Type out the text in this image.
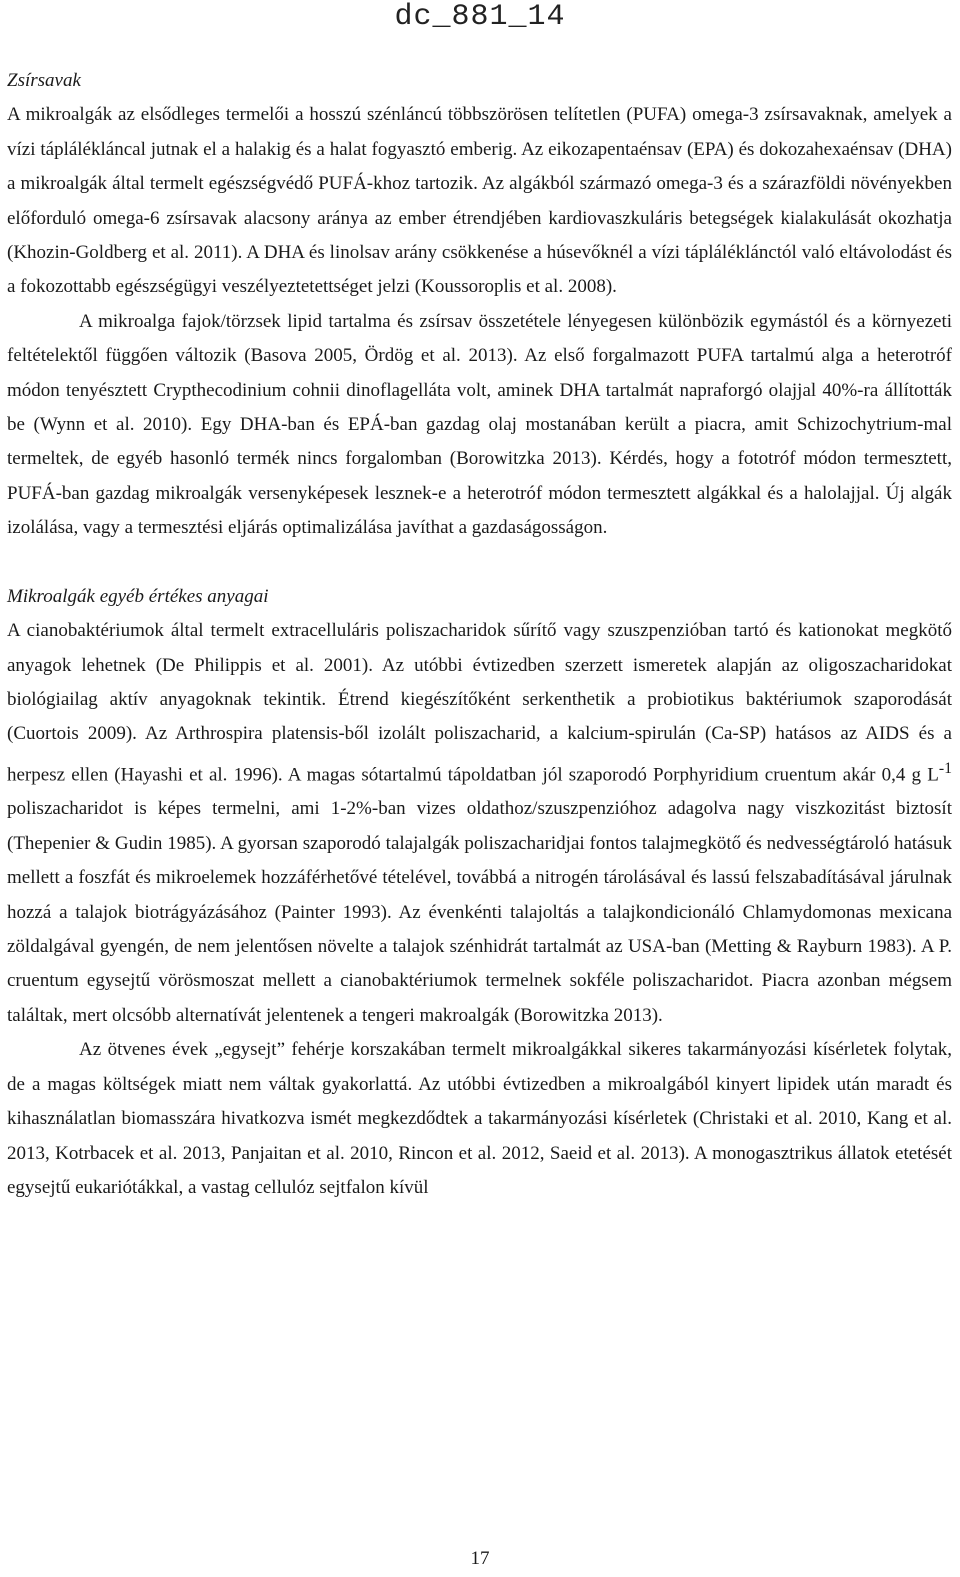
dc_881_14

Zsírsavak

A mikroalgák az elsődleges termelői a hosszú szénláncú többszörösen telítetlen (PUFA) omega-3 zsírsavaknak, amelyek a vízi táplálékláncal jutnak el a halakig és a halat fogyasztó emberig. Az eikozapentaénsav (EPA) és dokozahexaénsav (DHA) a mikroalgák által termelt egészségvédő PUFÁ-khoz tartozik. Az algákból származó omega-3 és a szárazföldi növényekben előforduló omega-6 zsírsavak alacsony aránya az ember étrendjében kardiovaszkuláris betegségek kialakulását okozhatja (Khozin-Goldberg et al. 2011). A DHA és linolsav arány csökkenése a húsevőknél a vízi tápláléklánctól való eltávolodást és a fokozottabb egészségügyi veszélyeztetettséget jelzi (Koussoroplis et al. 2008).

A mikroalga fajok/törzsek lipid tartalma és zsírsav összetétele lényegesen különbözik egymástól és a környezeti feltételektől függően változik (Basova 2005, Ördög et al. 2013). Az első forgalmazott PUFA tartalmú alga a heterotróf módon tenyésztett Crypthecodinium cohnii dinoflagelláta volt, aminek DHA tartalmát napraforgó olajjal 40%-ra állították be (Wynn et al. 2010). Egy DHA-ban és EPÁ-ban gazdag olaj mostanában került a piacra, amit Schizochytrium-mal termeltek, de egyéb hasonló termék nincs forgalomban (Borowitzka 2013). Kérdés, hogy a fototróf módon termesztett, PUFÁ-ban gazdag mikroalgák versenyképesek lesznek-e a heterotróf módon termesztett algákkal és a halolajjal. Új algák izolálása, vagy a termesztési eljárás optimalizálása javíthat a gazdaságosságon.

Mikroalgák egyéb értékes anyagai

A cianobaktériumok által termelt extracelluláris poliszacharidok sűrítő vagy szuszpenzióban tartó és kationokat megkötő anyagok lehetnek (De Philippis et al. 2001). Az utóbbi évtizedben szerzett ismeretek alapján az oligoszacharidokat biológiailag aktív anyagoknak tekintik. Étrend kiegészítőként serkenthetik a probiotikus baktériumok szaporodását (Cuortois 2009). Az Arthrospira platensis-ből izolált poliszacharid, a kalcium-spirulán (Ca-SP) hatásos az AIDS és a herpesz ellen (Hayashi et al. 1996). A magas sótartalmú tápoldatban jól szaporodó Porphyridium cruentum akár 0,4 g $L^{-1}$ poliszacharidot is képes termelni, ami 1-2%-ban vizes oldathoz/szuszpenzióhoz adagolva nagy viszkozitást biztosít (Thepenier & Gudin 1985). A gyorsan szaporodó talajalgák poliszacharidjai fontos talajmegkötő és nedvességtároló hatásuk mellett a foszfát és mikroelemek hozzáférhetővé tételével, továbbá a nitrogén tárolásával és lassú felszabadításával járulnak hozzá a talajok biotrágyázásához (Painter 1993). Az évenkénti talajoltás a talajkondicionáló Chlamydomonas mexicana zöldalgával gyengén, de nem jelentősen növelte a talajok szénhidrát tartalmát az USA-ban (Metting & Rayburn 1983). A P. cruentum egysejtű vörösmoszat mellett a cianobaktériumok termelnek sokféle poliszacharidot. Piacra azonban mégsem találtak, mert olcsóbb alternatívát jelentenek a tengeri makroalgák (Borowitzka 2013).

Az ötvenes évek „egysejt” fehérje korszakában termelt mikroalgákkal sikeres takarmányozási kísérletek folytak, de a magas költségek miatt nem váltak gyakorlattá. Az utóbbi évtizedben a mikroalgából kinyert lipidek után maradt és kihasználatlan biomasszára hivatkozva ismét megkezdődtek a takarmányozási kísérletek (Christaki et al. 2010, Kang et al. 2013, Kotrbacek et al. 2013, Panjaitan et al. 2010, Rincon et al. 2012, Saeid et al. 2013). A monogasztrikus állatok etetését egysejtű eukariótákkal, a vastag cellulóz sejtfalon kívül

17
